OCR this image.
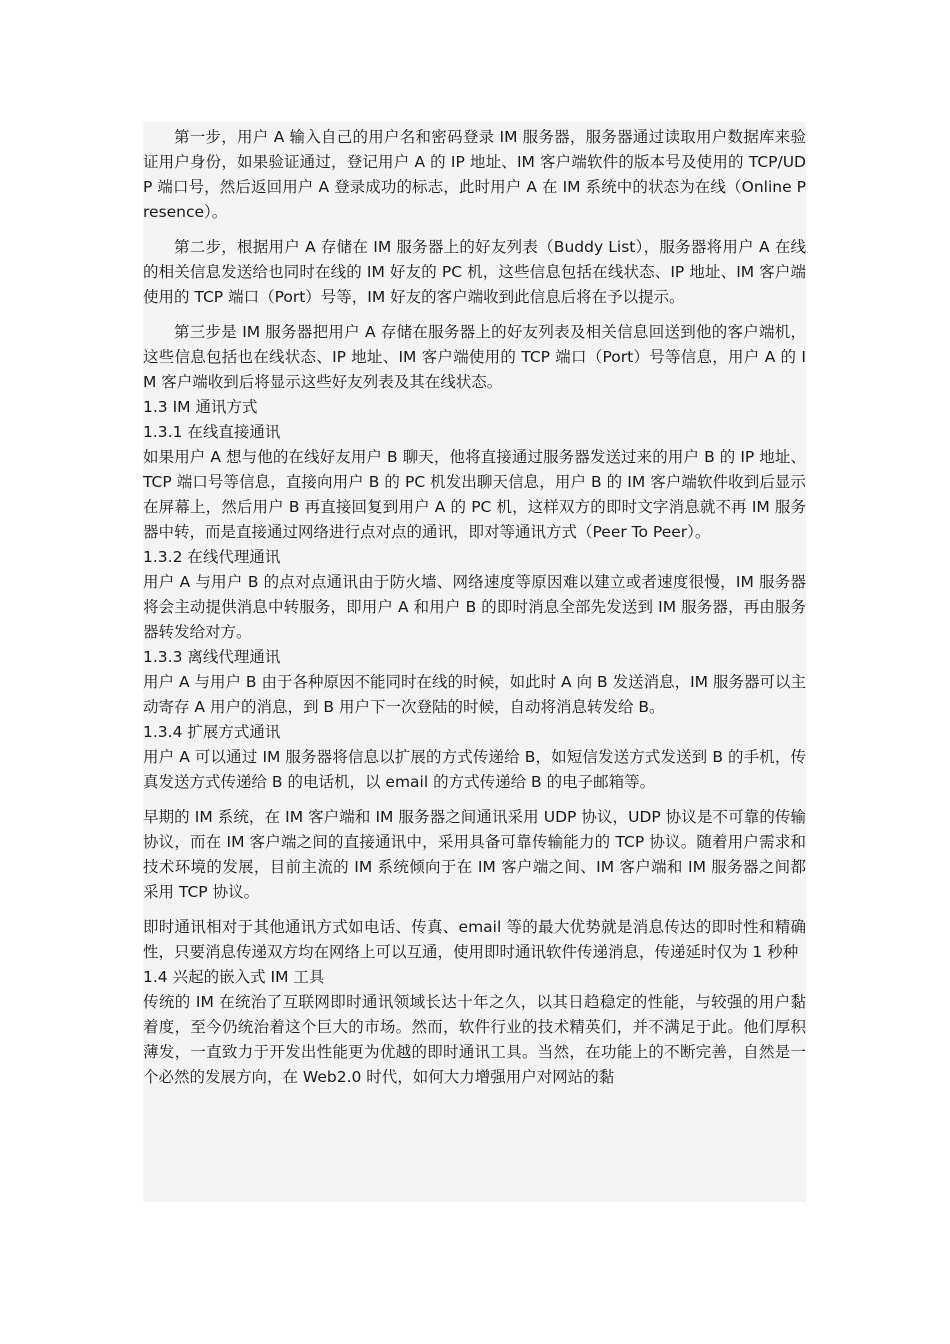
第一步，用户 A 输入自己的用户名和密码登录 IM 服务器，服务器通过读取用户数据库来验证用户身份，如果验证通过，登记用户 A 的 IP 地址、IM 客户端软件的版本号及使用的 TCP/UDP 端口号，然后返回用户 A 登录成功的标志，此时用户 A 在 IM 系统中的状态为在线（Online Presence）。

第二步，根据用户 A 存储在 IM 服务器上的好友列表（Buddy List），服务器将用户 A 在线的相关信息发送给也同时在线的 IM 好友的 PC 机，这些信息包括在线状态、IP 地址、IM 客户端使用的 TCP 端口（Port）号等，IM 好友的客户端收到此信息后将在予以提示。

第三步是 IM 服务器把用户 A 存储在服务器上的好友列表及相关信息回送到他的客户端机，这些信息包括也在线状态、IP 地址、IM 客户端使用的 TCP 端口（Port）号等信息，用户 A 的 IM 客户端收到后将显示这些好友列表及其在线状态。

1.3 IM 通讯方式

1.3.1 在线直接通讯

如果用户 A 想与他的在线好友用户 B 聊天，他将直接通过服务器发送过来的用户 B 的 IP 地址、TCP 端口号等信息，直接向用户 B 的 PC 机发出聊天信息，用户 B 的 IM 客户端软件收到后显示在屏幕上，然后用户 B 再直接回复到用户 A 的 PC 机，这样双方的即时文字消息就不再 IM 服务器中转，而是直接通过网络进行点对点的通讯，即对等通讯方式（Peer To Peer）。

1.3.2 在线代理通讯

用户 A 与用户 B 的点对点通讯由于防火墙、网络速度等原因难以建立或者速度很慢，IM 服务器将会主动提供消息中转服务，即用户 A 和用户 B 的即时消息全部先发送到 IM 服务器，再由服务器转发给对方。

1.3.3 离线代理通讯

用户 A 与用户 B 由于各种原因不能同时在线的时候，如此时 A 向 B 发送消息，IM 服务器可以主动寄存 A 用户的消息，到 B 用户下一次登陆的时候，自动将消息转发给 B。

1.3.4 扩展方式通讯

用户 A 可以通过 IM 服务器将信息以扩展的方式传递给 B，如短信发送方式发送到 B 的手机，传真发送方式传递给 B 的电话机，以 email 的方式传递给 B 的电子邮箱等。

早期的 IM 系统，在 IM 客户端和 IM 服务器之间通讯采用 UDP 协议，UDP 协议是不可靠的传输协议，而在 IM 客户端之间的直接通讯中，采用具备可靠传输能力的 TCP 协议。随着用户需求和技术环境的发展，目前主流的 IM 系统倾向于在 IM 客户端之间、IM 客户端和 IM 服务器之间都采用 TCP 协议。

即时通讯相对于其他通讯方式如电话、传真、email 等的最大优势就是消息传达的即时性和精确性，只要消息传递双方均在网络上可以互通，使用即时通讯软件传递消息，传递延时仅为 1 秒种

1.4 兴起的嵌入式 IM 工具

传统的 IM 在统治了互联网即时通讯领域长达十年之久，以其日趋稳定的性能，与较强的用户黏着度，至今仍统治着这个巨大的市场。然而，软件行业的技术精英们，并不满足于此。他们厚积薄发，一直致力于开发出性能更为优越的即时通讯工具。当然，在功能上的不断完善，自然是一个必然的发展方向，在 Web2.0 时代，如何大力增强用户对网站的黏
